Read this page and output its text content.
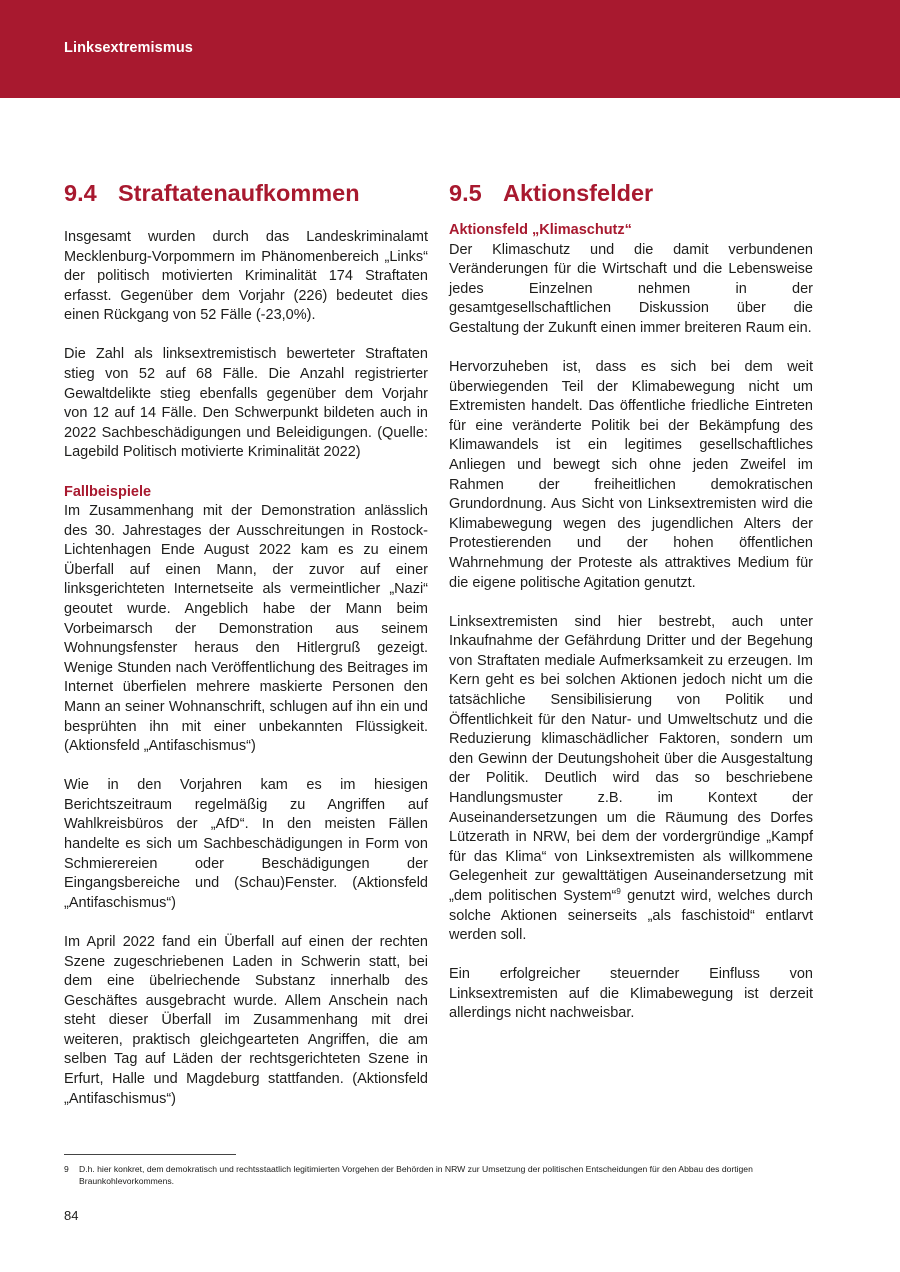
Linksextremismus
9.4 Straftatenaufkommen

Insgesamt wurden durch das Landeskriminalamt Mecklenburg-Vorpommern im Phänomenbereich „Links“ der politisch motivierten Kriminalität 174 Straftaten erfasst. Gegenüber dem Vorjahr (226) bedeutet dies einen Rückgang von 52 Fälle (-23,0%).

Die Zahl als linksextremistisch bewerteter Straftaten stieg von 52 auf 68 Fälle. Die Anzahl registrierter Gewaltdelikte stieg ebenfalls gegenüber dem Vorjahr von 12 auf 14 Fälle. Den Schwerpunkt bildeten auch in 2022 Sachbeschädigungen und Beleidigungen. (Quelle: Lagebild Politisch motivierte Kriminalität 2022)

Fallbeispiele

Im Zusammenhang mit der Demonstration anlässlich des 30. Jahrestages der Ausschreitungen in Rostock-Lichtenhagen Ende August 2022 kam es zu einem Überfall auf einen Mann, der zuvor auf einer linksgerichteten Internetseite als vermeintlicher „Nazi“ geoutet wurde. Angeblich habe der Mann beim Vorbeimarsch der Demonstration aus seinem Wohnungsfenster heraus den Hitlergruß gezeigt. Wenige Stunden nach Veröffentlichung des Beitrages im Internet überfielen mehrere maskierte Personen den Mann an seiner Wohnanschrift, schlugen auf ihn ein und besprühten ihn mit einer unbekannten Flüssigkeit. (Aktionsfeld „Antifaschismus“)

Wie in den Vorjahren kam es im hiesigen Berichtszeitraum regelmäßig zu Angriffen auf Wahlkreisbüros der „AfD“. In den meisten Fällen handelte es sich um Sachbeschädigungen in Form von Schmierereien oder Beschädigungen der Eingangsbereiche und (Schau)Fenster. (Aktionsfeld „Antifaschismus“)

Im April 2022 fand ein Überfall auf einen der rechten Szene zugeschriebenen Laden in Schwerin statt, bei dem eine übelriechende Substanz innerhalb des Geschäftes ausgebracht wurde. Allem Anschein nach steht dieser Überfall im Zusammenhang mit drei weiteren, praktisch gleichgearteten Angriffen, die am selben Tag auf Läden der rechtsgerichteten Szene in Erfurt, Halle und Magdeburg stattfanden. (Aktionsfeld „Antifaschismus“)

9.5 Aktionsfelder
Aktionsfeld „Klimaschutz“

Der Klimaschutz und die damit verbundenen Veränderungen für die Wirtschaft und die Lebensweise jedes Einzelnen nehmen in der gesamtgesellschaftlichen Diskussion über die Gestaltung der Zukunft einen immer breiteren Raum ein.

Hervorzuheben ist, dass es sich bei dem weit überwiegenden Teil der Klimabewegung nicht um Extremisten handelt. Das öffentliche friedliche Eintreten für eine veränderte Politik bei der Bekämpfung des Klimawandels ist ein legitimes gesellschaftliches Anliegen und bewegt sich ohne jeden Zweifel im Rahmen der freiheitlichen demokratischen Grundordnung. Aus Sicht von Linksextremisten wird die Klimabewegung wegen des jugendlichen Alters der Protestierenden und der hohen öffentlichen Wahrnehmung der Proteste als attraktives Medium für die eigene politische Agitation genutzt.

Linksextremisten sind hier bestrebt, auch unter Inkaufnahme der Gefährdung Dritter und der Begehung von Straftaten mediale Aufmerksamkeit zu erzeugen. Im Kern geht es bei solchen Aktionen jedoch nicht um die tatsächliche Sensibilisierung von Politik und Öffentlichkeit für den Natur- und Umweltschutz und die Reduzierung klimaschädlicher Faktoren, sondern um den Gewinn der Deutungshoheit über die Ausgestaltung der Politik. Deutlich wird das so beschriebene Handlungsmuster z.B. im Kontext der Auseinandersetzungen um die Räumung des Dorfes Lützerath in NRW, bei dem der vordergründige „Kampf für das Klima“ von Linksextremisten als willkommene Gelegenheit zur gewalttätigen Auseinandersetzung mit „dem politischen System“$^9$ genutzt wird, welches durch solche Aktionen seinerseits „als faschistoid“ entlarvt werden soll.

Ein erfolgreicher steuernder Einfluss von Linksextremisten auf die Klimabewegung ist derzeit allerdings nicht nachweisbar.

9 D.h. hier konkret, dem demokratisch und rechtsstaatlich legitimierten Vorgehen der Behörden in NRW zur Umsetzung der politischen Entscheidungen für den Abbau des dortigen Braunkohlevorkommens.
84
